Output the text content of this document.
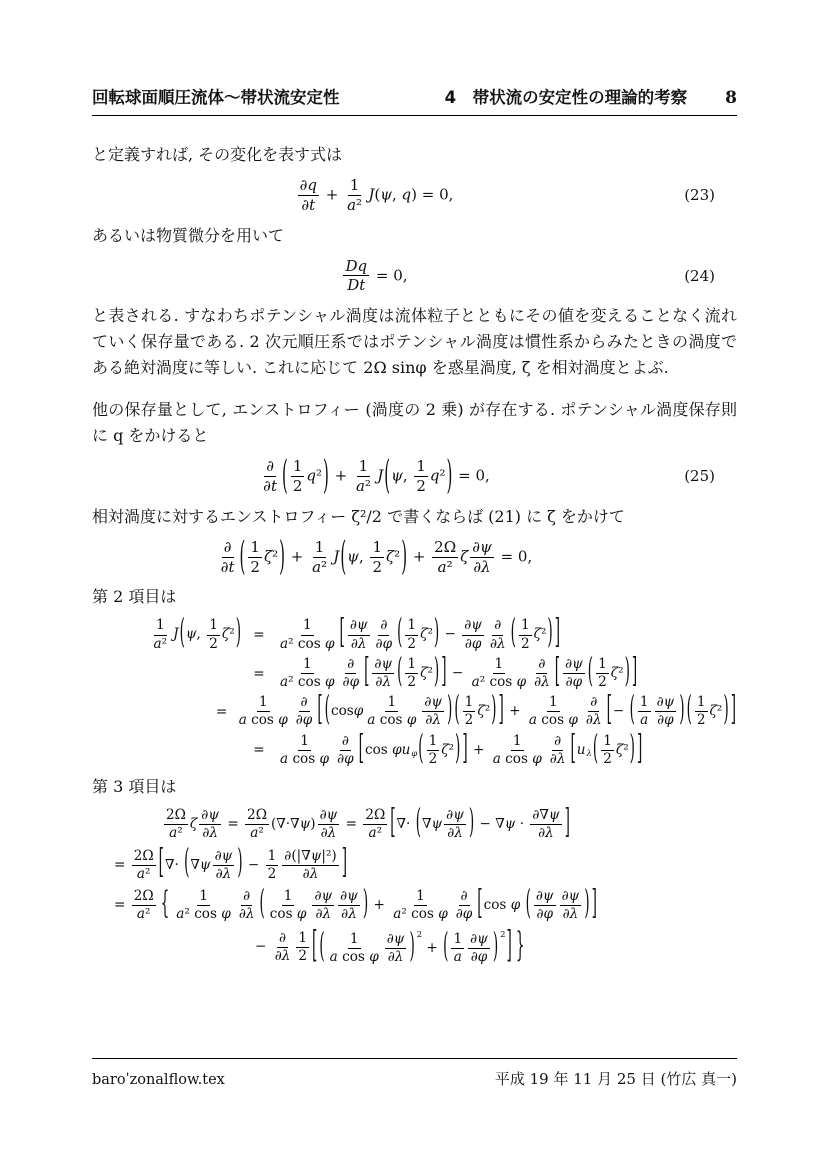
回転球面順圧流体〜帯状流安定性	4　帯状流の安定性の理論的考察 8
と定義すれば, その変化を表す式は
$\frac{\partial q}{\partial t} + \frac{1}{\text{a²}} J(\psi$, q) = 0,	(23)
あるいは物質微分を用いて
$\frac{Dq}{Dt} = 0$,	(24)
と表される. すなわちポテンシャル渦度は流体粒子とともにその値を変えることなく流れていく保存量である. 2 次元順圧系ではポテンシャル渦度は慣性系からみたときの渦度である絶対渦度に等しい. これに応じて 2Ω sinφ を惑星渦度, ζ を相対渦度とよぶ.
他の保存量として, エンストロフィー (渦度の 2 乗) が存在する. ポテンシャル渦度保存則に q をかけると
∂
∂t ( $\frac{1}{2} q^2$ ) + $\frac{1}{\text{a²}}$ J ( ψ, $\frac{1}{2} q^2$ ) = 0,	(25)
相対渦度に対するエンストロフィー ζ²/2 で書くならば (21) に ζ をかけて
∂
∂t ( $\frac{1}{2} \zeta^2$ ) + $\frac{1}{\text{a²}}$ J ( ψ, $\frac{1}{2} \zeta^2$ ) + $\frac{2\Omega}{\text{a²}}$ ζ $\frac{\partial\psi}{\partial\lambda} = 0$,
第 2 項目は
$\frac{1}{\text{a²}}$ J ( ψ, $\frac{1}{2} \zeta^2$ ) = $\frac{1}{\text{a² cos φ}}$ [ $\frac{\partial\psi}{\partial\lambda}$ ∂
∂φ ( $\frac{1}{2} \zeta^2$ ) − $\frac{\partial\psi}{\partial\varphi}$ ∂
∂λ ( $\frac{1}{2} \zeta^2$ ) ]
= $\frac{1}{\text{a² cos φ}}$ ∂
∂φ [ $\frac{\partial\psi}{\partial\lambda}$ ( $\frac{1}{2} \zeta^2$ ) ] − $\frac{1}{\text{a² cos φ}}$ ∂
∂λ [ $\frac{\partial\psi}{\partial\varphi}$ ( $\frac{1}{2} \zeta^2$ ) ]
= $\frac{1}{\text{a cos φ}}$ ∂
∂φ [ ( cosφ $\frac{1}{\text{a cos φ}} \frac{\partial\psi}{\partial\lambda}$ ) ( $\frac{1}{2} \zeta^2$ ) ] + $\frac{1}{\text{a cos φ}}$ ∂
∂λ [ − ( $\frac{1}{a} \frac{\partial\psi}{\partial\varphi}$ ) ( $\frac{1}{2} \zeta^2$ ) ]
= $\frac{1}{\text{a cos φ}}$ ∂
∂φ [ $\cos \varphi u_\varphi$ ( $\frac{1}{2} \zeta^2$ ) ] + $\frac{1}{\text{a cos φ}}$ ∂
∂λ [ $u_\lambda$ ( $\frac{1}{2} \zeta^2$ ) ]
第 3 項目は
$\frac{2\Omega}{\text{a²}}$ ζ $\frac{\partial\psi}{\partial\lambda} = \frac{2\Omega}{\text{a²}} (\nabla\cdot\nabla\psi) \frac{\partial\psi}{\partial\lambda} = \frac{2\Omega}{\text{a²}}$ [ ∇· ( $\nabla\psi \frac{\partial\psi}{\partial\lambda}$ ) − $\nabla\psi \cdot \frac{\partial\nabla\psi}{\partial\lambda}$ ]
= $\frac{2\Omega}{\text{a²}}$ [ ∇· ( $\nabla\psi \frac{\partial\psi}{\partial\lambda}$ ) − $\frac{1}{2} \frac{\text{∂(|∇ψ|²)}}{\partial\lambda}$ ]
= $\frac{2\Omega}{\text{a²}}$ { $\frac{1}{\text{a² cos φ}}$ ∂
∂λ ( $\frac{1}{\text{cos φ}} \frac{\partial\psi}{\partial\lambda} \frac{\partial\psi}{\partial\lambda}$ ) + $\frac{1}{\text{a² cos φ}}$ ∂
∂φ [ cos φ ( $\frac{\partial\psi}{\partial\varphi} \frac{\partial\psi}{\partial\lambda}$ ) ]
−
∂
$\partial\lambda \frac{1}{2}$ [ ( $\frac{1}{\text{a cos φ}} \frac{\partial\psi}{\partial\lambda}$ ) $^2$ + ( $\frac{1}{a} \frac{\partial\psi}{\partial\varphi}$ ) $^2$ ] }
baroˈzonalflow.tex	平成 19 年 11 月 25 日 (竹広 真一)
